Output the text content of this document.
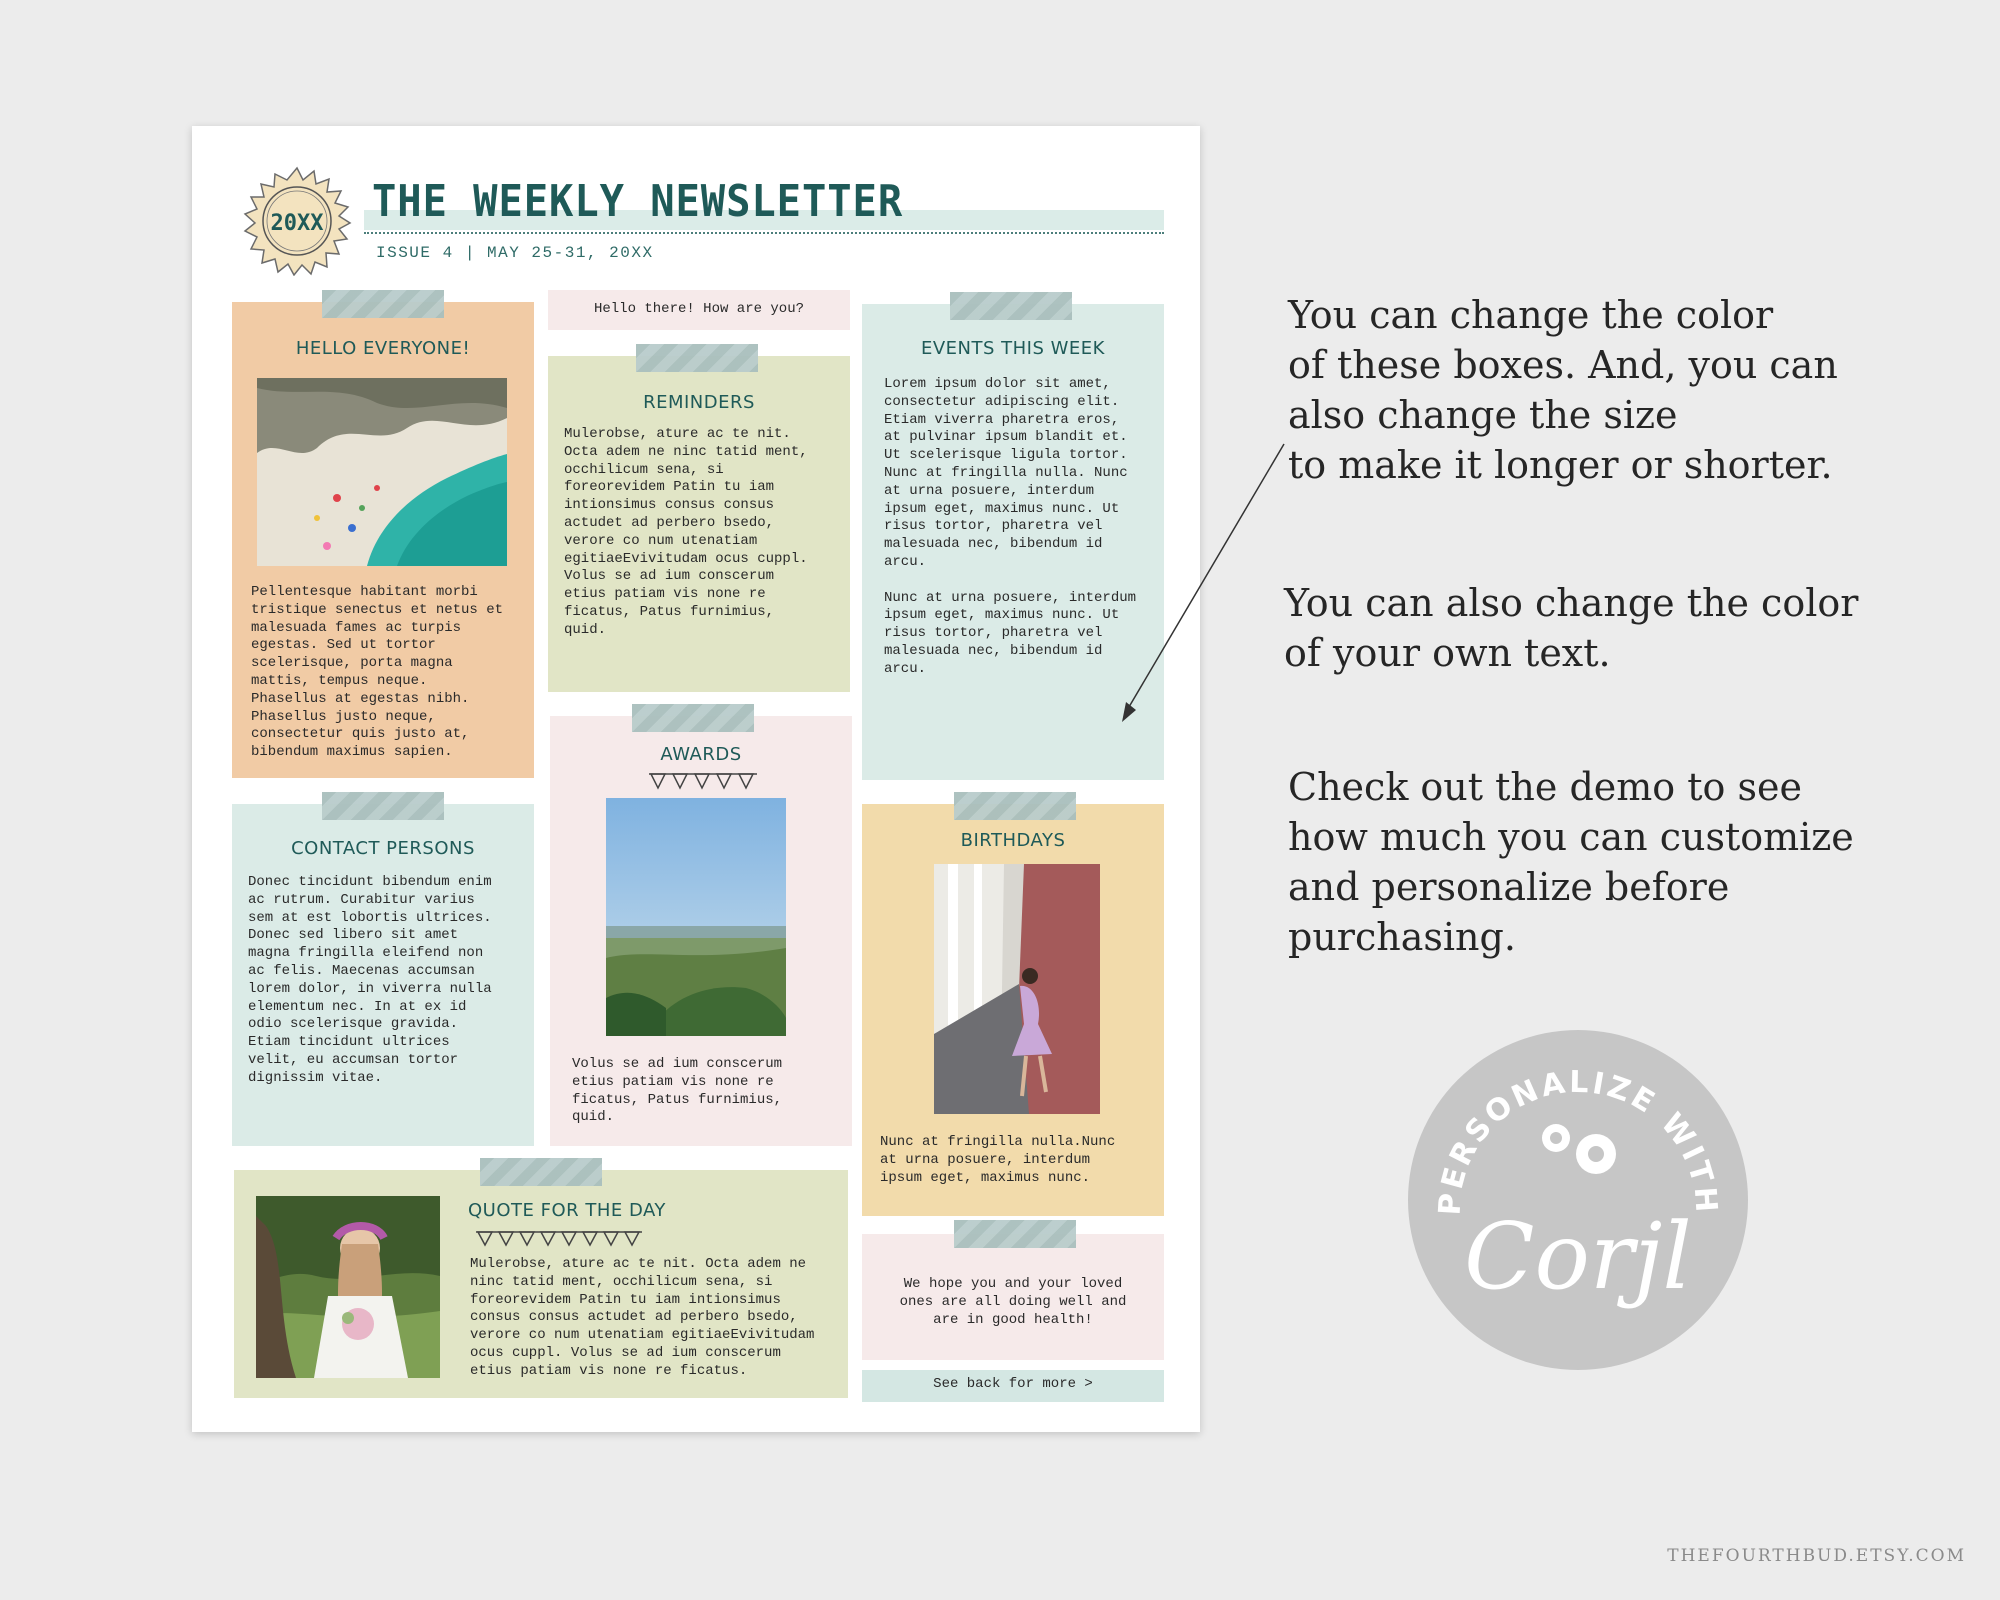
20XX THE WEEKLY NEWSLETTER
ISSUE 4 | MAY 25-31, 20XX
HELLO EVERYONE!
Pellentesque habitant morbi
tristique senectus et netus et
malesuada fames ac turpis
egestas. Sed ut tortor
scelerisque, porta magna
mattis, tempus neque.
Phasellus at egestas nibh.
Phasellus justo neque,
consectetur quis justo at,
bibendum maximus sapien.
Hello there! How are you?
REMINDERS
Mulerobse, ature ac te nit.
Octa adem ne ninc tatid ment,
occhilicum sena, si
foreorevidem Patin tu iam
intionsimus consus consus
actudet ad perbero bsedo,
verore co num utenatiam
egitiaeEvivitudam ocus cuppl.
Volus se ad ium conscerum
etius patiam vis none re
ficatus, Patus furnimius,
quid.
AWARDS
Volus se ad ium conscerum
etius patiam vis none re
ficatus, Patus furnimius,
quid.
EVENTS THIS WEEK
Lorem ipsum dolor sit amet,
consectetur adipiscing elit.
Etiam viverra pharetra eros,
at pulvinar ipsum blandit et.
Ut scelerisque ligula tortor.
Nunc at fringilla nulla. Nunc
at urna posuere, interdum
ipsum eget, maximus nunc. Ut
risus tortor, pharetra vel
malesuada nec, bibendum id
arcu.

Nunc at urna posuere, interdum
ipsum eget, maximus nunc. Ut
risus tortor, pharetra vel
malesuada nec, bibendum id
arcu.
CONTACT PERSONS
Donec tincidunt bibendum enim
ac rutrum. Curabitur varius
sem at est lobortis ultrices.
Donec sed libero sit amet
magna fringilla eleifend non
ac felis. Maecenas accumsan
lorem dolor, in viverra nulla
elementum nec. In at ex id
odio scelerisque gravida.
Etiam tincidunt ultrices
velit, eu accumsan tortor
dignissim vitae.
BIRTHDAYS
Nunc at fringilla nulla.Nunc
at urna posuere, interdum
ipsum eget, maximus nunc.
QUOTE FOR THE DAY
Mulerobse, ature ac te nit. Octa adem ne
ninc tatid ment, occhilicum sena, si
foreorevidem Patin tu iam intionsimus
consus consus actudet ad perbero bsedo,
verore co num utenatiam egitiaeEvivitudam
ocus cuppl. Volus se ad ium conscerum
etius patiam vis none re ficatus.
We hope you and your loved
ones are all doing well and
are in good health!
See back for more >
You can change the color
of these boxes. And, you can
also change the size
to make it longer or shorter.
You can also change the color
of your own text.
Check out the demo to see
how much you can customize
and personalize before
purchasing.
PERSONALIZE WITH
Corjl
THEFOURTHBUD.ETSY.COM
